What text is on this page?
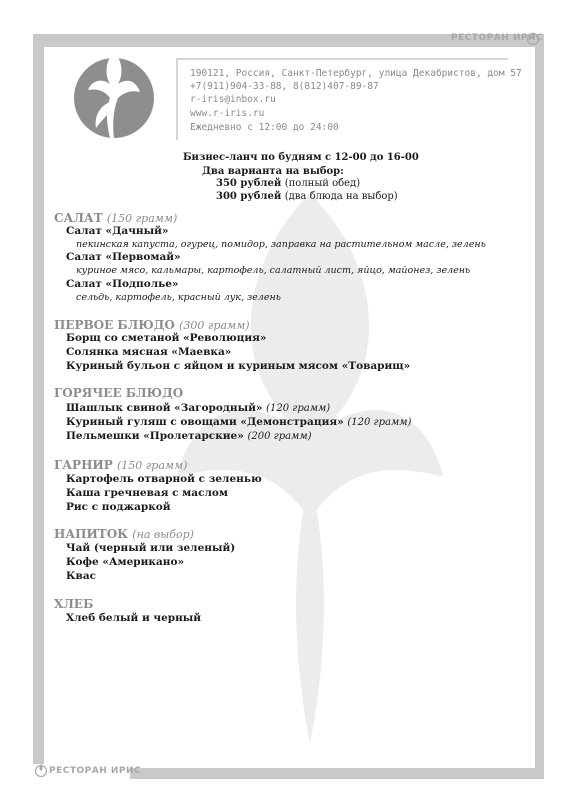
РЕСТОРАН ИРИС
РЕСТОРАН ИРИС
190121, Россия, Санкт-Петербург, улица Декабристов, дом 57
+7(911)904-33-88, 8(812)407-89-87
r-iris@inbox.ru
www.r-iris.ru
Ежедневно с 12:00 до 24:00
Бизнес-ланч по будням с 12-00 до 16-00
Два варианта на выбор:
350 рублей (полный обед)
300 рублей (два блюда на выбор)
САЛАТ (150 грамм)
Салат «Дачный»
пекинская капуста, огурец, помидор, заправка на растительном масле, зелень
Салат «Первомай»
куриное мясо, кальмары, картофель, салатный лист, яйцо, майонез, зелень
Салат «Подполье»
сельдь, картофель, красный лук, зелень
ПЕРВОЕ БЛЮДО (300 грамм)
Борщ со сметаной «Революция»
Солянка мясная «Маевка»
Куриный бульон с яйцом и куриным мясом «Товарищ»
ГОРЯЧЕЕ БЛЮДО
Шашлык свиной «Загородный» (120 грамм)
Куриный гуляш с овощами «Демонстрация» (120 грамм)
Пельмешки «Пролетарские» (200 грамм)
ГАРНИР (150 грамм)
Картофель отварной с зеленью
Каша гречневая с маслом
Рис с поджаркой
НАПИТОК (на выбор)
Чай (черный или зеленый)
Кофе «Американо»
Квас
ХЛЕБ
Хлеб белый и черный
